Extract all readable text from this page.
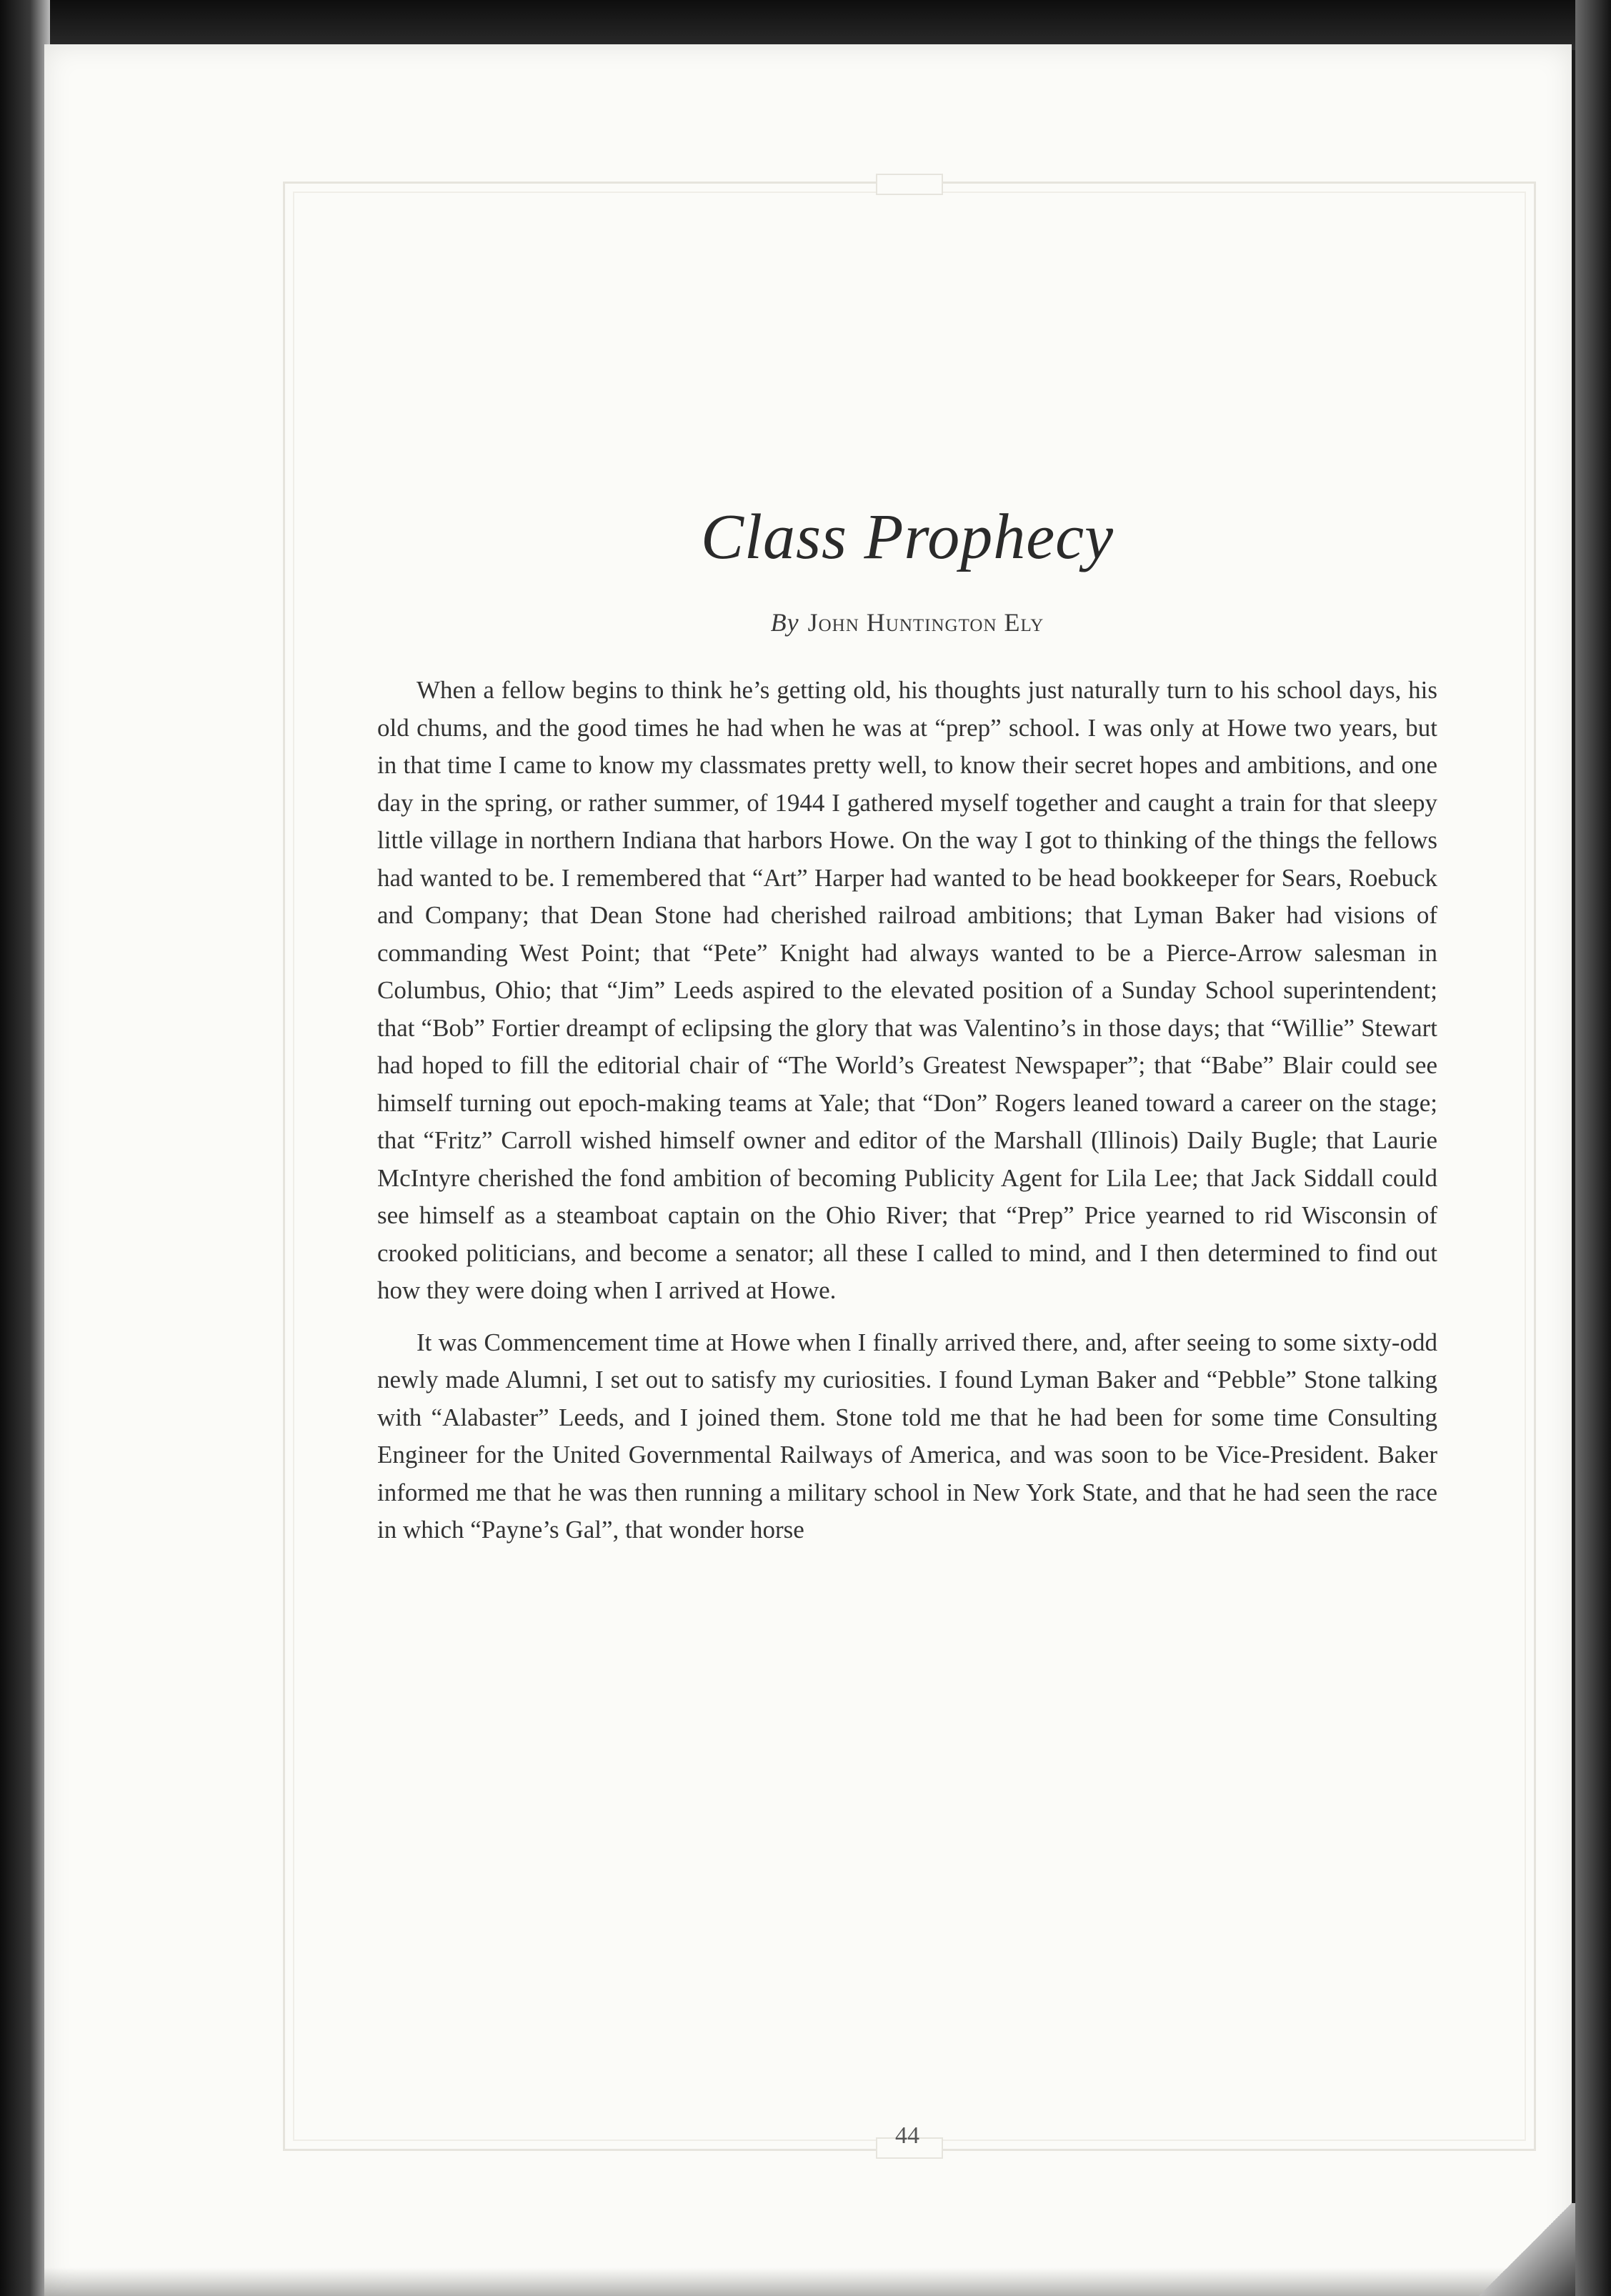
Class Prophecy
By John Huntington Ely

When a fellow begins to think he’s getting old, his thoughts just naturally turn to his school days, his old chums, and the good times he had when he was at “prep” school. I was only at Howe two years, but in that time I came to know my classmates pretty well, to know their secret hopes and ambitions, and one day in the spring, or rather summer, of 1944 I gathered myself together and caught a train for that sleepy little village in northern Indiana that harbors Howe. On the way I got to thinking of the things the fellows had wanted to be. I remembered that “Art” Harper had wanted to be head bookkeeper for Sears, Roebuck and Company; that Dean Stone had cherished railroad ambitions; that Lyman Baker had visions of commanding West Point; that “Pete” Knight had always wanted to be a Pierce-Arrow salesman in Columbus, Ohio; that “Jim” Leeds aspired to the elevated position of a Sunday School superintendent; that “Bob” Fortier dreampt of eclipsing the glory that was Valentino’s in those days; that “Willie” Stewart had hoped to fill the editorial chair of “The World’s Greatest Newspaper”; that “Babe” Blair could see himself turning out epoch-making teams at Yale; that “Don” Rogers leaned toward a career on the stage; that “Fritz” Carroll wished himself owner and editor of the Marshall (Illinois) Daily Bugle; that Laurie McIntyre cherished the fond ambition of becoming Publicity Agent for Lila Lee; that Jack Siddall could see himself as a steamboat captain on the Ohio River; that “Prep” Price yearned to rid Wisconsin of crooked politicians, and become a senator; all these I called to mind, and I then determined to find out how they were doing when I arrived at Howe.

It was Commencement time at Howe when I finally arrived there, and, after seeing to some sixty-odd newly made Alumni, I set out to satisfy my curiosities. I found Lyman Baker and “Pebble” Stone talking with “Alabaster” Leeds, and I joined them. Stone told me that he had been for some time Consulting Engineer for the United Governmental Railways of America, and was soon to be Vice-President. Baker informed me that he was then running a military school in New York State, and that he had seen the race in which “Payne’s Gal”, that wonder horse

44
